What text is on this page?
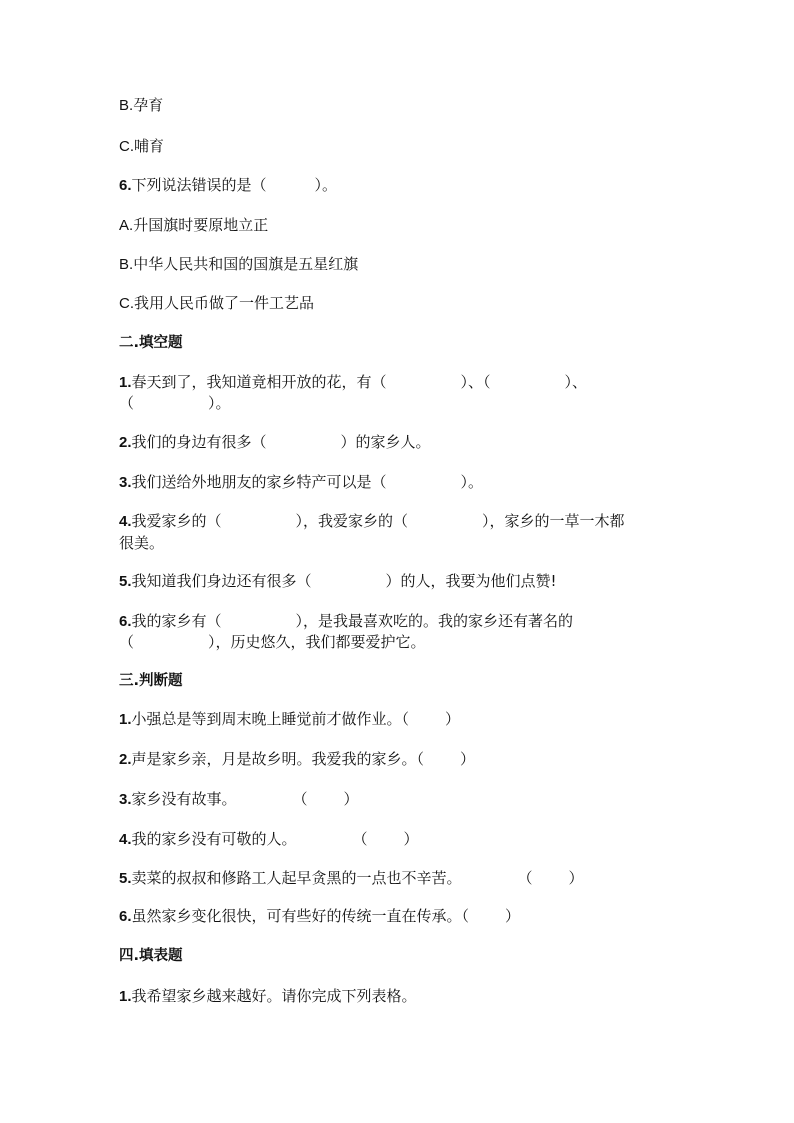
B.孕育
C.哺育
6.下列说法错误的是（	）。
A.升国旗时要原地立正
B.中华人民共和国的国旗是五星红旗
C.我用人民币做了一件工艺品
二.填空题
1.春天到了，我知道竟相开放的花，有（	）、（	）、
（	）。
2.我们的身边有很多（	）的家乡人。
3.我们送给外地朋友的家乡特产可以是（	）。
4.我爱家乡的（	），我爱家乡的（	），家乡的一草一木都
很美。
5.我知道我们身边还有很多（	）的人，我要为他们点赞!
6.我的家乡有（	），是我最喜欢吃的。我的家乡还有著名的
（	），历史悠久，我们都要爱护它。
三.判断题
1.小强总是等到周末晚上睡觉前才做作业。（ ）
2.声是家乡亲，月是故乡明。我爱我的家乡。（ ）
3.家乡没有故事。	（ ）
4.我的家乡没有可敬的人。	（ ）
5.卖菜的叔叔和修路工人起早贪黑的一点也不辛苦。	（ ）
6.虽然家乡变化很快，可有些好的传统一直在传承。（ ）
四.填表题
1.我希望家乡越来越好。请你完成下列表格。
